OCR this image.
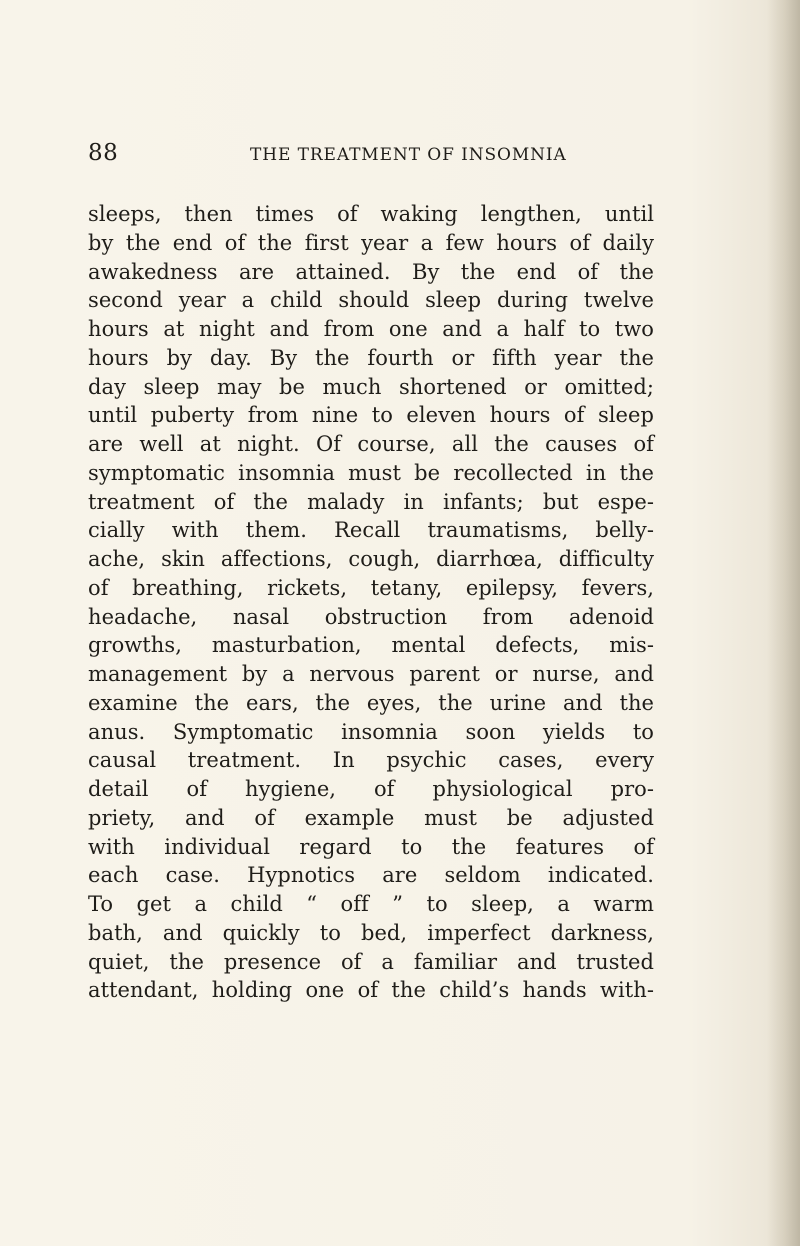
88	THE TREATMENT OF INSOMNIA
sleeps, then times of waking lengthen, until
by the end of the first year a few hours of daily
awakedness are attained. By the end of the
second year a child should sleep during twelve
hours at night and from one and a half to two
hours by day. By the fourth or fifth year the
day sleep may be much shortened or omitted;
until puberty from nine to eleven hours of sleep
are well at night. Of course, all the causes of
symptomatic insomnia must be recollected in the
treatment of the malady in infants; but espe-
cially with them. Recall traumatisms, belly-
ache, skin affections, cough, diarrhœa, difficulty
of breathing, rickets, tetany, epilepsy, fevers,
headache, nasal obstruction from adenoid
growths, masturbation, mental defects, mis-
management by a nervous parent or nurse, and
examine the ears, the eyes, the urine and the
anus. Symptomatic insomnia soon yields to
causal treatment. In psychic cases, every
detail of hygiene, of physiological pro-
priety, and of example must be adjusted
with individual regard to the features of
each case. Hypnotics are seldom indicated.
To get a child “ off ” to sleep, a warm
bath, and quickly to bed, imperfect darkness,
quiet, the presence of a familiar and trusted
attendant, holding one of the child’s hands with-
